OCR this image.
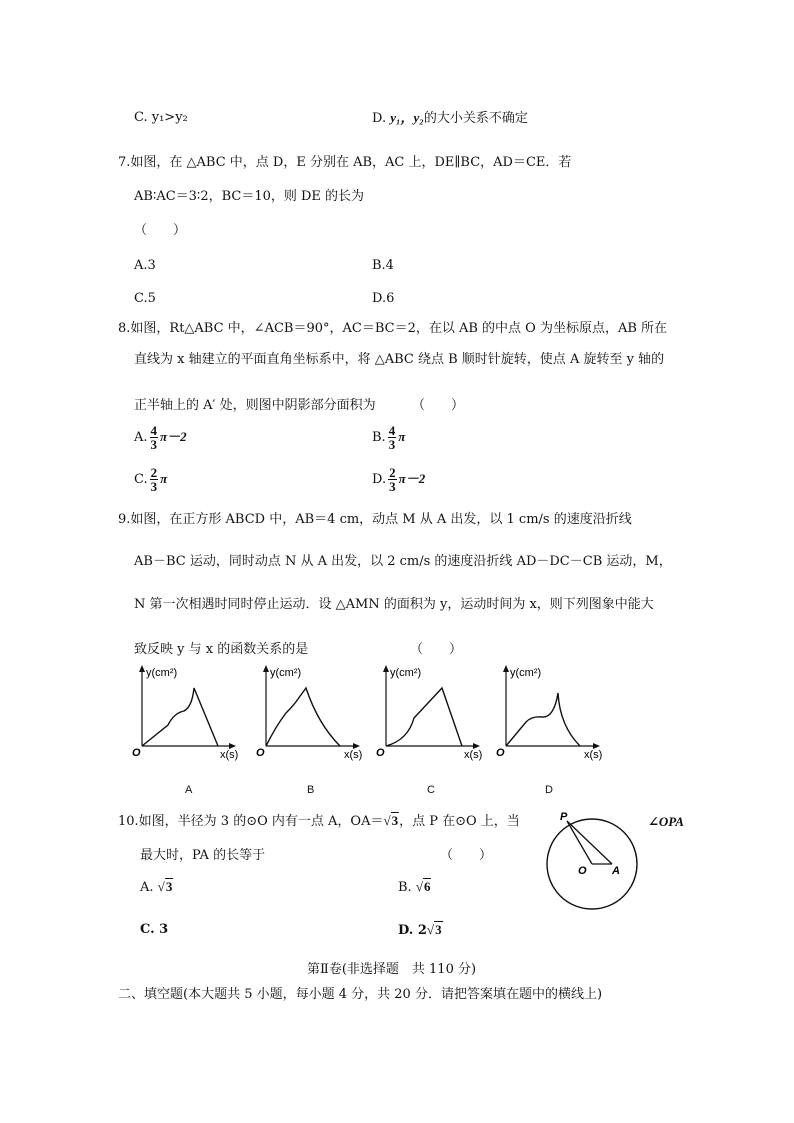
C. y₁>y₂	D. y₁，y₂的大小关系不确定
7.如图，在 △ABC 中，点 D，E 分别在 AB，AC 上，DE∥BC，AD＝CE．若
AB∶AC＝3∶2，BC＝10，则 DE 的长为
（　　）
A.3	B.4
C.5	D.6
8.如图，Rt△ABC 中，∠ACB＝90°，AC＝BC＝2，在以 AB 的中点 O 为坐标原点，AB 所在
直线为 x 轴建立的平面直角坐标系中，将 △ABC 绕点 B 顺时针旋转，使点 A 旋转至 y 轴的
正半轴上的 A′ 处，则图中阴影部分面积为	（　　）
A. $\frac{4}{3} \pi-2$	B. $\frac{4}{3}$ π
C. $\frac{2}{3}$ π	D. $\frac{2}{3} \pi-2$
9.如图，在正方形 ABCD 中，AB＝4 cm，动点 M 从 A 出发，以 1 cm/s 的速度沿折线
AB－BC 运动，同时动点 N 从 A 出发，以 2 cm/s 的速度沿折线 AD－DC－CB 运动，M，
N 第一次相遇时同时停止运动．设 △AMN 的面积为 y，运动时间为 x，则下列图象中能大
致反映 y 与 x 的函数关系的是	（　　）
y(cm²)
O	x(s)
y(cm²)
O	x(s)
y(cm²)
O	x(s)
y(cm²)
O	x(s)
A	B	C	D
10.如图，半径为 3 的⊙O 内有一点 A，OA＝√3，点 P 在⊙O 上，当	∠OPA
最大时，PA 的长等于	（　　）
A. √3	B. √6
C. 3	D. 2√3
P
O A
第Ⅱ卷(非选择题　共 110 分)
二、填空题(本大题共 5 小题，每小题 4 分，共 20 分．请把答案填在题中的横线上)
